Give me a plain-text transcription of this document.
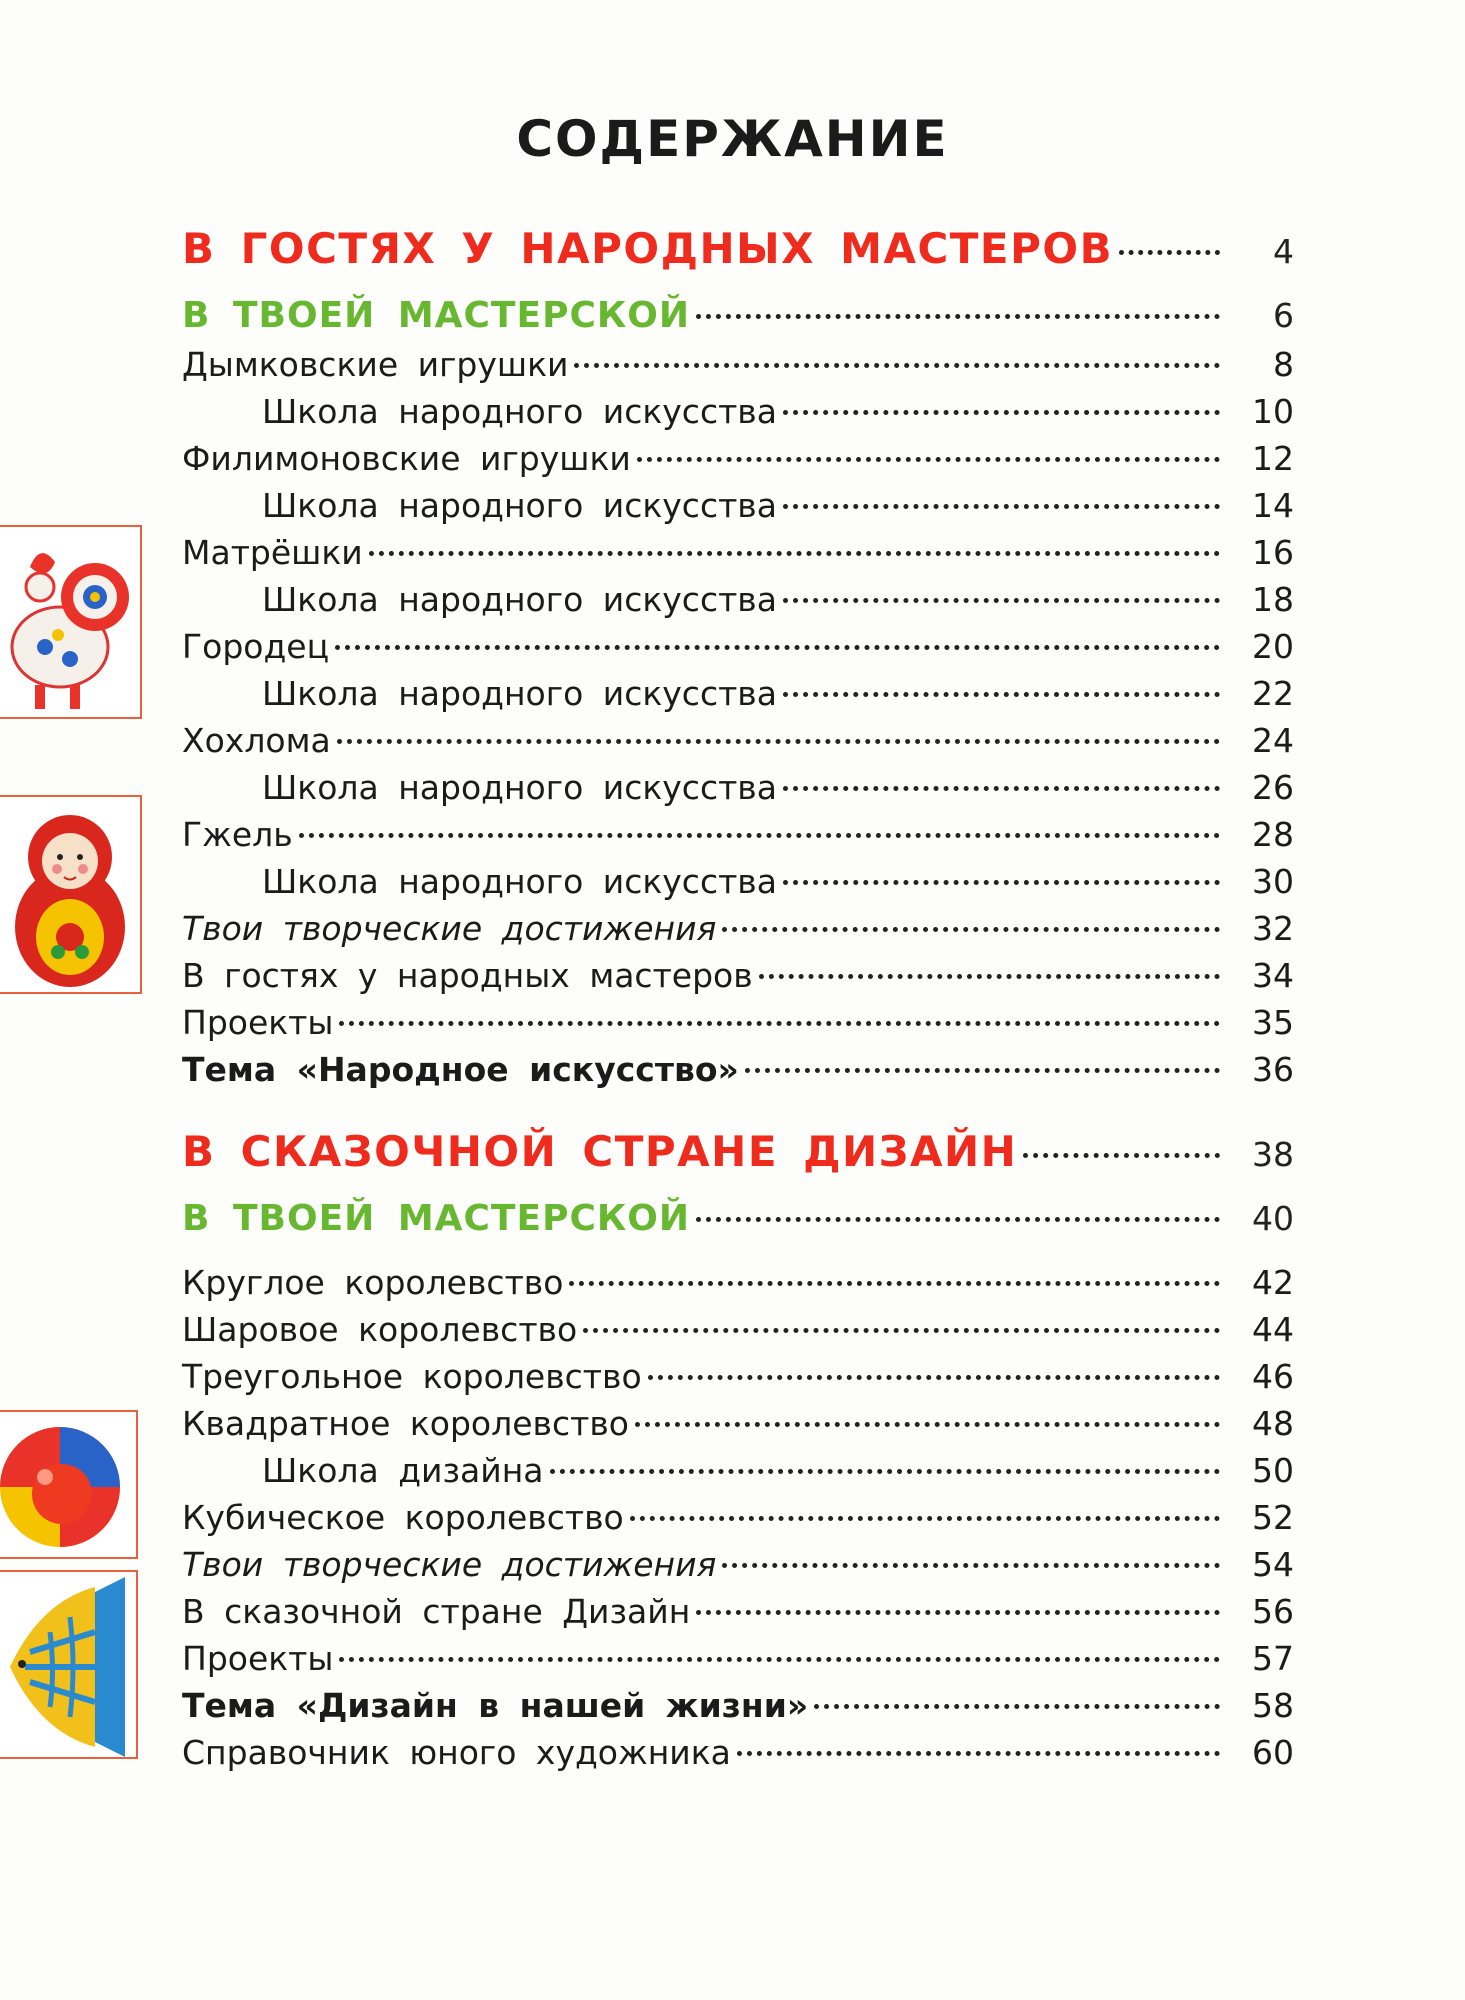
СОДЕРЖАНИЕ
В ГОСТЯХ У НАРОДНЫХ МАСТЕРОВ	4
В ТВОЕЙ МАСТЕРСКОЙ	6
Дымковские игрушки	8
Школа народного искусства	10
Филимоновские игрушки	12
Школа народного искусства	14
Матрёшки	16
Школа народного искусства	18
Городец	20
Школа народного искусства	22
Хохлома	24
Школа народного искусства	26
Гжель	28
Школа народного искусства	30
Твои творческие достижения	32
В гостях у народных мастеров	34
Проекты	35
Тема «Народное искусство»	36
В СКАЗОЧНОЙ СТРАНЕ ДИЗАЙН	38
В ТВОЕЙ МАСТЕРСКОЙ	40
Круглое королевство	42
Шаровое королевство	44
Треугольное королевство	46
Квадратное королевство	48
Школа дизайна	50
Кубическое королевство	52
Твои творческие достижения	54
В сказочной стране Дизайн	56
Проекты	57
Тема «Дизайн в нашей жизни»	58
Справочник юного художника	60
